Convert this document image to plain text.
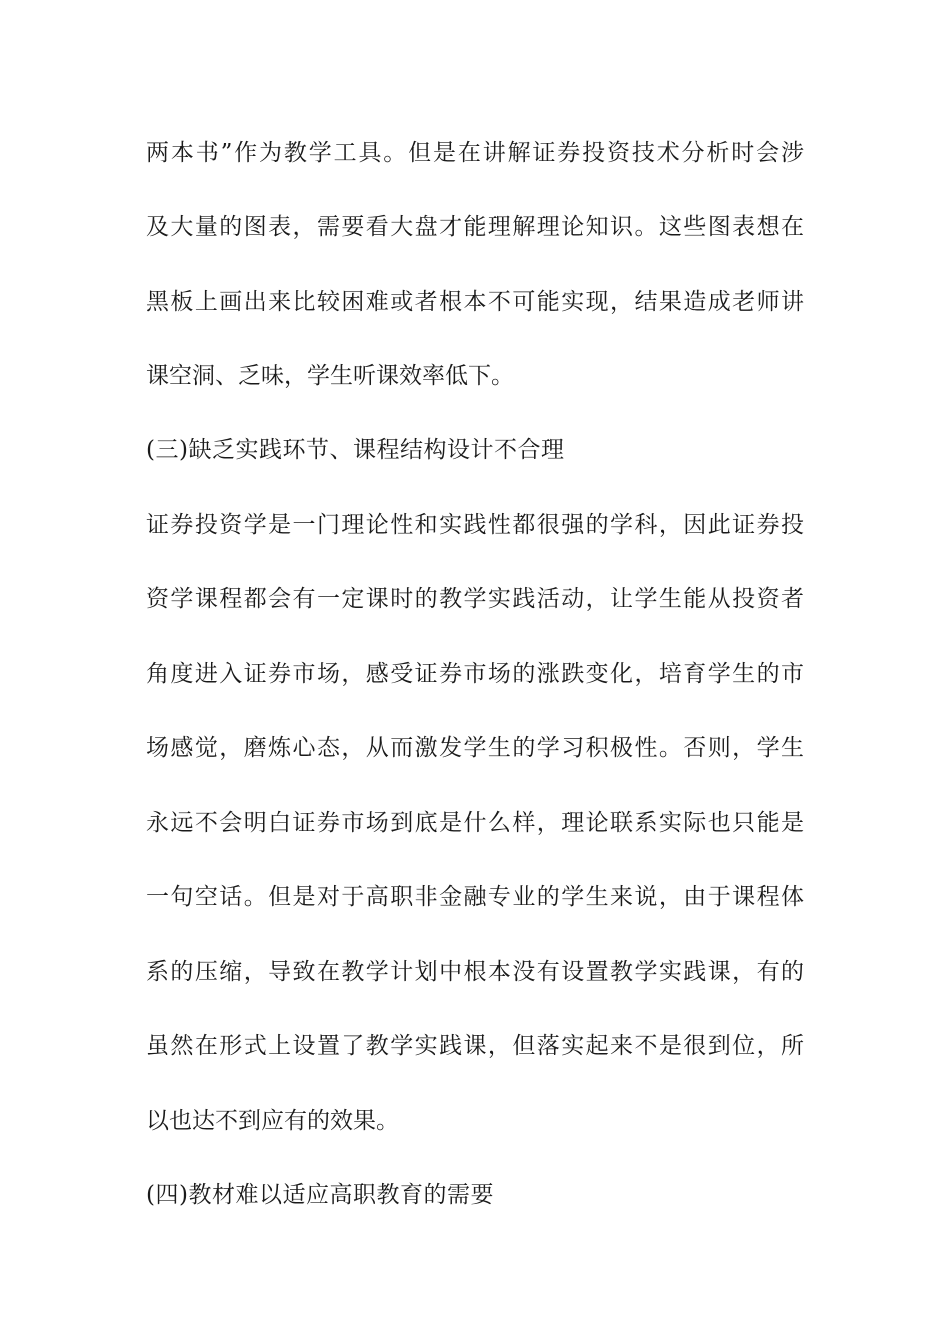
两本书”作为教学工具。但是在讲解证券投资技术分析时会涉
及大量的图表，需要看大盘才能理解理论知识。这些图表想在
黑板上画出来比较困难或者根本不可能实现，结果造成老师讲
课空洞、乏味，学生听课效率低下。
(三)缺乏实践环节、课程结构设计不合理
证券投资学是一门理论性和实践性都很强的学科，因此证券投
资学课程都会有一定课时的教学实践活动，让学生能从投资者
角度进入证券市场，感受证券市场的涨跌变化，培育学生的市
场感觉，磨炼心态，从而激发学生的学习积极性。否则，学生
永远不会明白证券市场到底是什么样，理论联系实际也只能是
一句空话。但是对于高职非金融专业的学生来说，由于课程体
系的压缩，导致在教学计划中根本没有设置教学实践课，有的
虽然在形式上设置了教学实践课，但落实起来不是很到位，所
以也达不到应有的效果。
(四)教材难以适应高职教育的需要
